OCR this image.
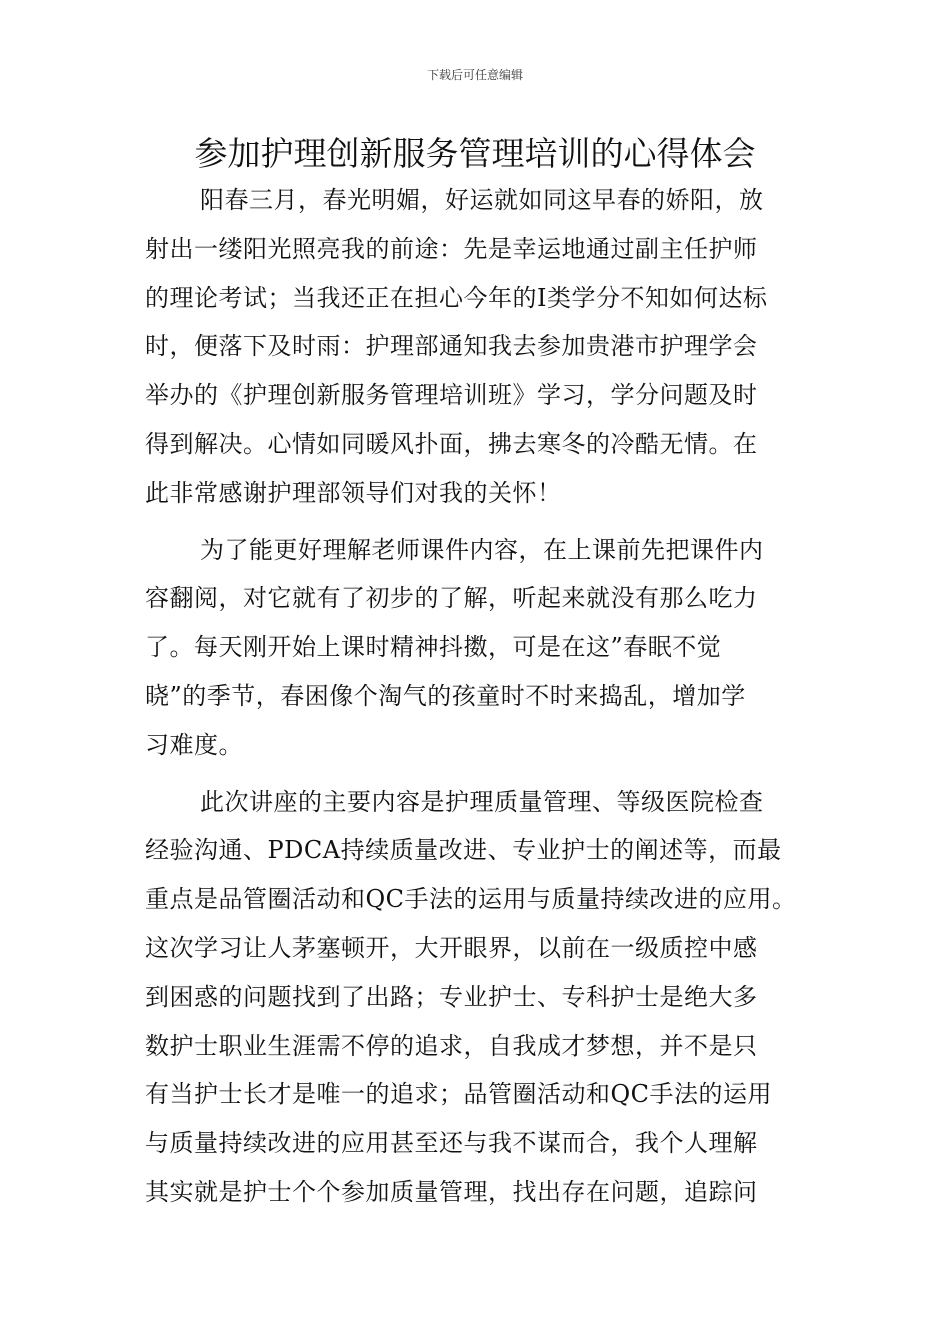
下载后可任意编辑
参加护理创新服务管理培训的心得体会
阳春三月，春光明媚，好运就如同这早春的娇阳，放
射出一缕阳光照亮我的前途：先是幸运地通过副主任护师
的理论考试；当我还正在担心今年的Ⅰ类学分不知如何达标
时，便落下及时雨：护理部通知我去参加贵港市护理学会
举办的《护理创新服务管理培训班》学习，学分问题及时
得到解决。心情如同暖风扑面，拂去寒冬的冷酷无情。在
此非常感谢护理部领导们对我的关怀！
为了能更好理解老师课件内容，在上课前先把课件内
容翻阅，对它就有了初步的了解，听起来就没有那么吃力
了。每天刚开始上课时精神抖擞，可是在这”春眠不觉
晓”的季节，春困像个淘气的孩童时不时来捣乱，增加学
习难度。
此次讲座的主要内容是护理质量管理、等级医院检查
经验沟通、PDCA持续质量改进、专业护士的阐述等，而最
重点是品管圈活动和QC手法的运用与质量持续改进的应用。
这次学习让人茅塞顿开，大开眼界，以前在一级质控中感
到困惑的问题找到了出路；专业护士、专科护士是绝大多
数护士职业生涯需不停的追求，自我成才梦想，并不是只
有当护士长才是唯一的追求；品管圈活动和QC手法的运用
与质量持续改进的应用甚至还与我不谋而合，我个人理解
其实就是护士个个参加质量管理，找出存在问题，追踪问
